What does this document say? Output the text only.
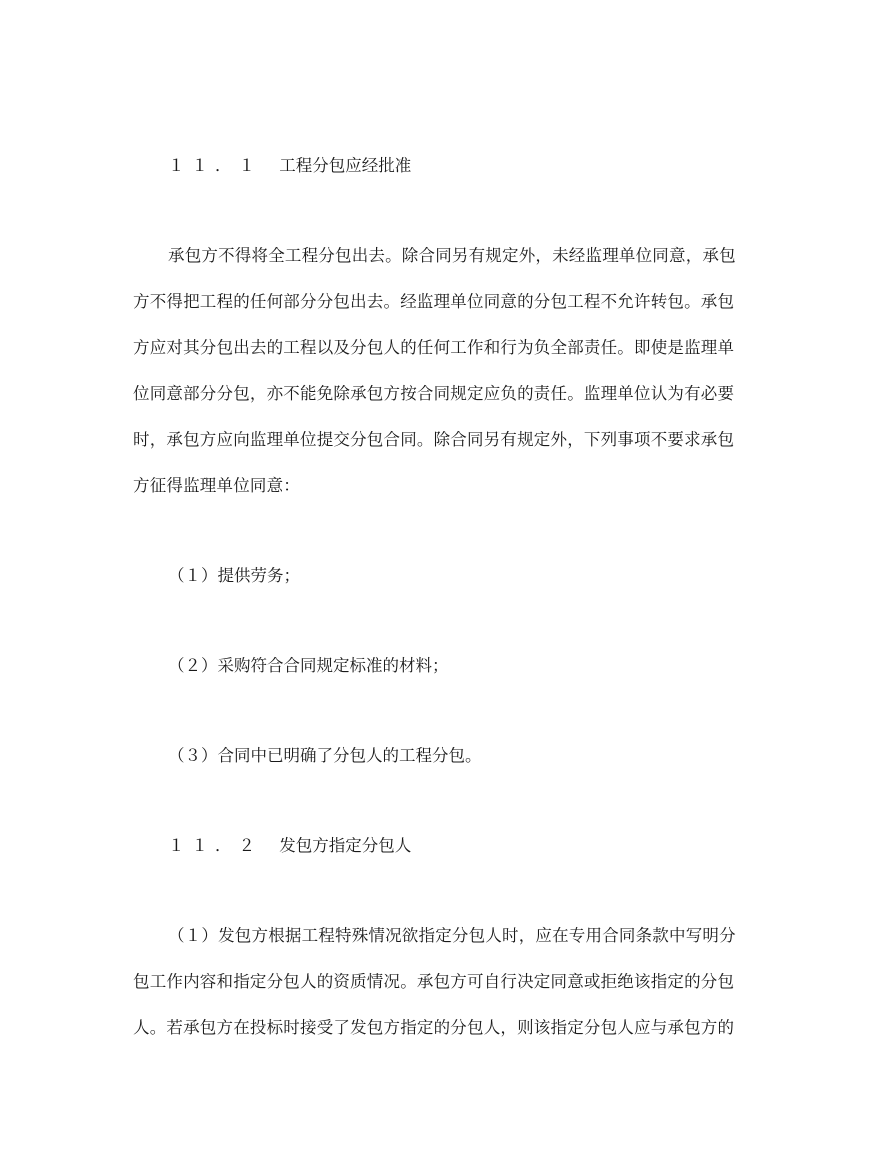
１１．１ 工程分包应经批准
承包方不得将全工程分包出去。除合同另有规定外，未经监理单位同意，承包
方不得把工程的任何部分分包出去。经监理单位同意的分包工程不允许转包。承包
方应对其分包出去的工程以及分包人的任何工作和行为负全部责任。即使是监理单
位同意部分分包，亦不能免除承包方按合同规定应负的责任。监理单位认为有必要
时，承包方应向监理单位提交分包合同。除合同另有规定外，下列事项不要求承包
方征得监理单位同意：
（１）提供劳务；
（２）采购符合合同规定标准的材料；
（３）合同中已明确了分包人的工程分包。
１１．２ 发包方指定分包人
（１）发包方根据工程特殊情况欲指定分包人时，应在专用合同条款中写明分
包工作内容和指定分包人的资质情况。承包方可自行决定同意或拒绝该指定的分包
人。若承包方在投标时接受了发包方指定的分包人，则该指定分包人应与承包方的
